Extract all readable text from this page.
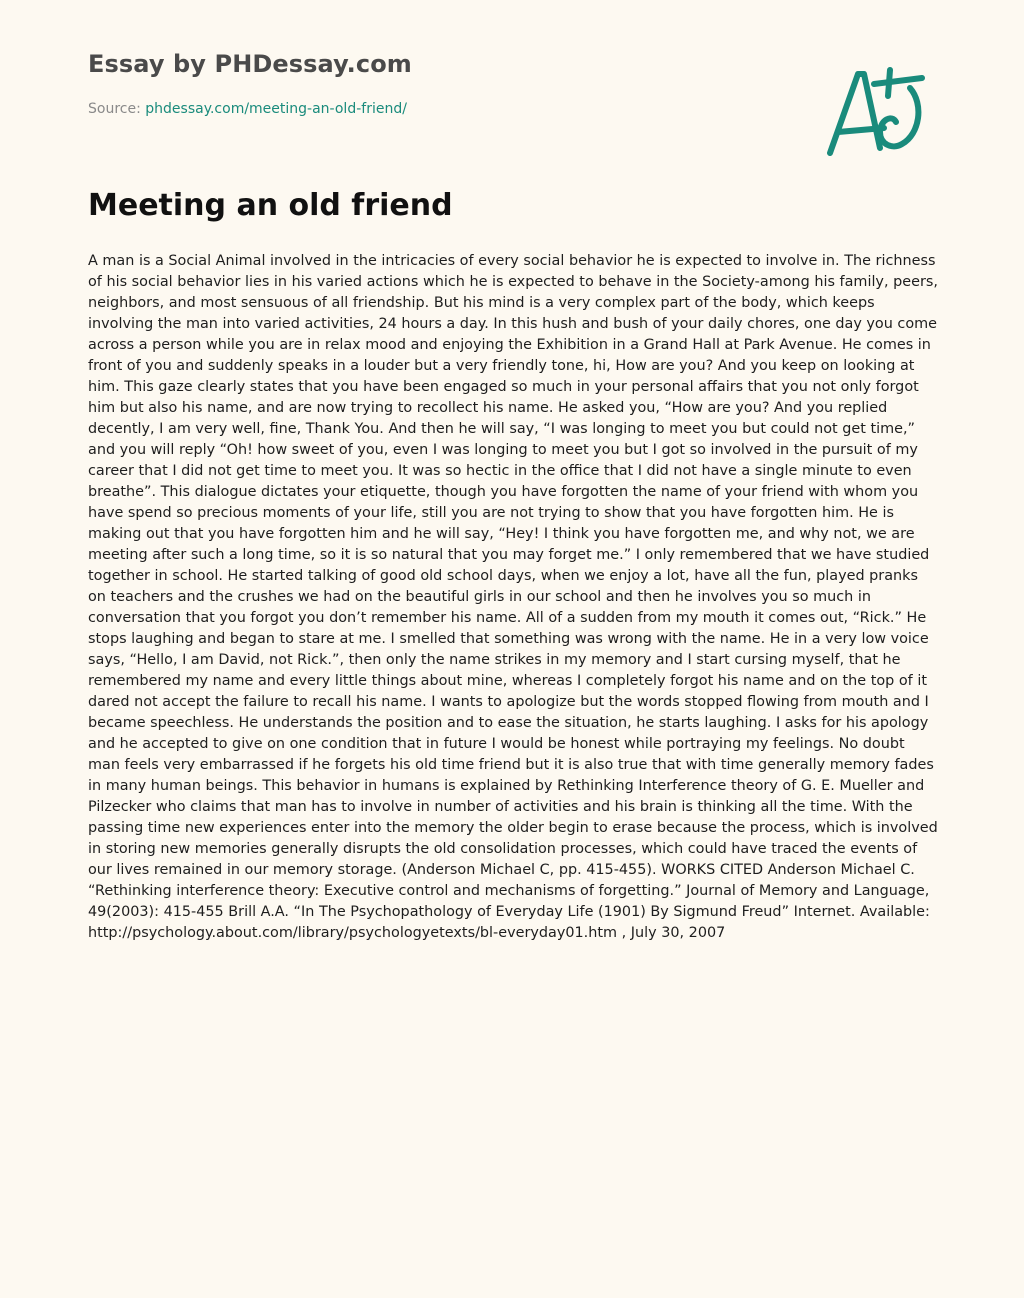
Essay by PHDessay.com
Source: phdessay.com/meeting-an-old-friend/
Meeting an old friend

A man is a Social Animal involved in the intricacies of every social behavior he is expected to involve in. The richness of his social behavior lies in his varied actions which he is expected to behave in the Society-among his family, peers, neighbors, and most sensuous of all friendship. But his mind is a very complex part of the body, which keeps involving the man into varied activities, 24 hours a day. In this hush and bush of your daily chores, one day you come across a person while you are in relax mood and enjoying the Exhibition in a Grand Hall at Park Avenue. He comes in front of you and suddenly speaks in a louder but a very friendly tone, hi, How are you? And you keep on looking at him. This gaze clearly states that you have been engaged so much in your personal affairs that you not only forgot him but also his name, and are now trying to recollect his name. He asked you, “How are you? And you replied decently, I am very well, fine, Thank You. And then he will say, “I was longing to meet you but could not get time,” and you will reply “Oh! how sweet of you, even I was longing to meet you but I got so involved in the pursuit of my career that I did not get time to meet you. It was so hectic in the office that I did not have a single minute to even breathe”. This dialogue dictates your etiquette, though you have forgotten the name of your friend with whom you have spend so precious moments of your life, still you are not trying to show that you have forgotten him. He is making out that you have forgotten him and he will say, “Hey! I think you have forgotten me, and why not, we are meeting after such a long time, so it is so natural that you may forget me.” I only remembered that we have studied together in school. He started talking of good old school days, when we enjoy a lot, have all the fun, played pranks on teachers and the crushes we had on the beautiful girls in our school and then he involves you so much in conversation that you forgot you don’t remember his name. All of a sudden from my mouth it comes out, “Rick.” He stops laughing and began to stare at me. I smelled that something was wrong with the name. He in a very low voice says, “Hello, I am David, not Rick.”, then only the name strikes in my memory and I start cursing myself, that he remembered my name and every little things about mine, whereas I completely forgot his name and on the top of it dared not accept the failure to recall his name. I wants to apologize but the words stopped flowing from mouth and I became speechless. He understands the position and to ease the situation, he starts laughing. I asks for his apology and he accepted to give on one condition that in future I would be honest while portraying my feelings. No doubt man feels very embarrassed if he forgets his old time friend but it is also true that with time generally memory fades in many human beings. This behavior in humans is explained by Rethinking Interference theory of G. E. Mueller and Pilzecker who claims that man has to involve in number of activities and his brain is thinking all the time. With the passing time new experiences enter into the memory the older begin to erase because the process, which is involved in storing new memories generally disrupts the old consolidation processes, which could have traced the events of our lives remained in our memory storage. (Anderson Michael C, pp. 415-455). WORKS CITED Anderson Michael C. “Rethinking interference theory: Executive control and mechanisms of forgetting.” Journal of Memory and Language, 49(2003): 415-455 Brill A.A. “In The Psychopathology of Everyday Life (1901) By Sigmund Freud” Internet. Available: http://psychology.about.com/library/psychologyetexts/bl-everyday01.htm , July 30, 2007
